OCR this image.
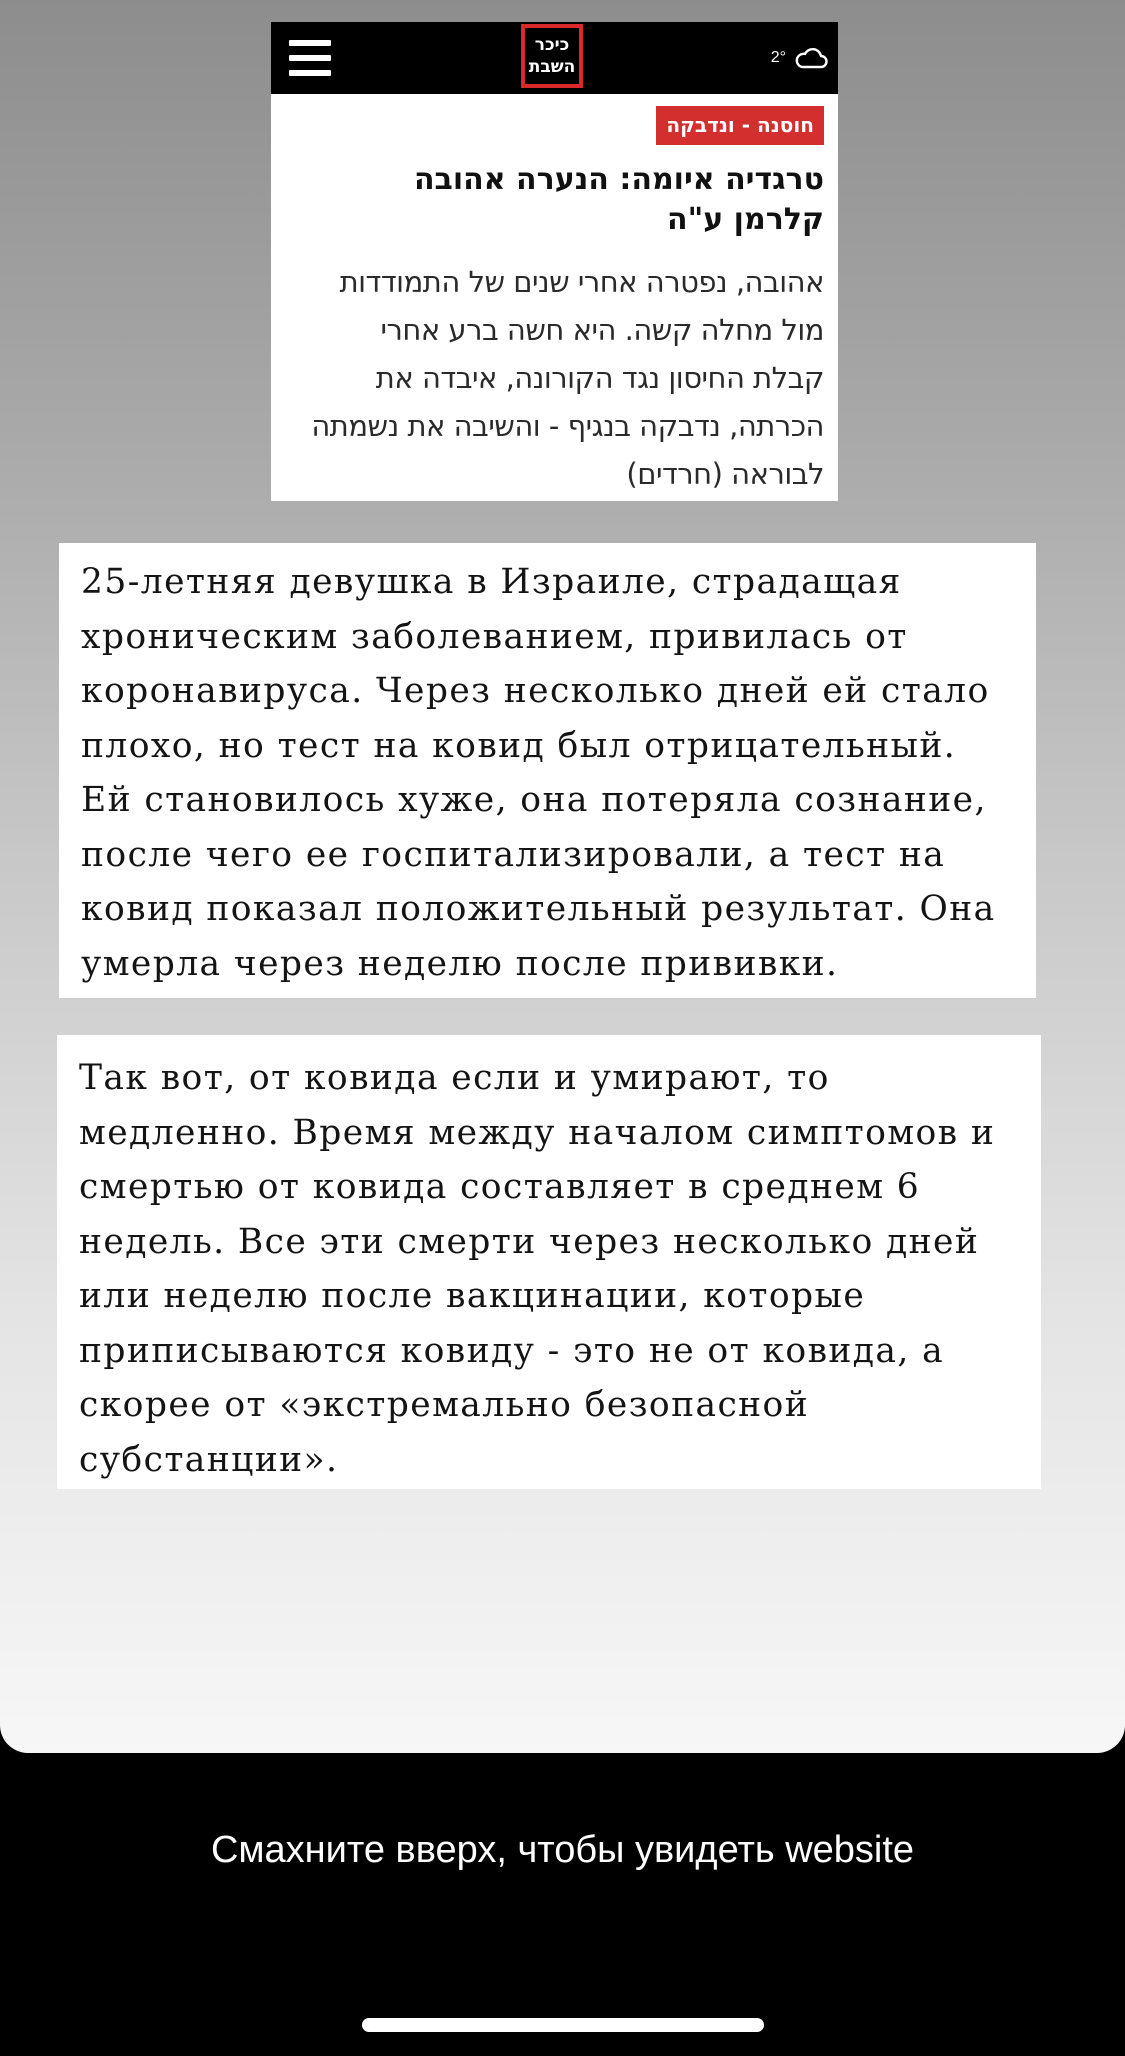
כיכר
השבת	2°
חוסנה - ונדבקה
טרגדיה איומה: הנערה אהובה קלרמן ע"ה
אהובה, נפטרה אחרי שנים של התמודדות מול מחלה קשה. היא חשה ברע אחרי קבלת החיסון נגד הקורונה, איבדה את הכרתה, נדבקה בנגיף - והשיבה את נשמתה לבוראה (חרדים)
25-летняя девушка в Израиле, страдащая
хроническим заболеванием, привилась от
коронавируса. Через несколько дней ей стало
плохо, но тест на ковид был отрицательный.
Ей становилось хуже, она потеряла сознание,
после чего ее госпитализировали, а тест на
ковид показал положительный результат. Она
умерла через неделю после прививки.
Так вот, от ковида если и умирают, то
медленно. Время между началом симптомов и
смертью от ковида составляет в среднем 6
недель. Все эти смерти через несколько дней
или неделю после вакцинации, которые
приписываются ковиду - это не от ковида, а
скорее от «экстремально безопасной
субстанции».
Смахните вверх, чтобы увидеть website
